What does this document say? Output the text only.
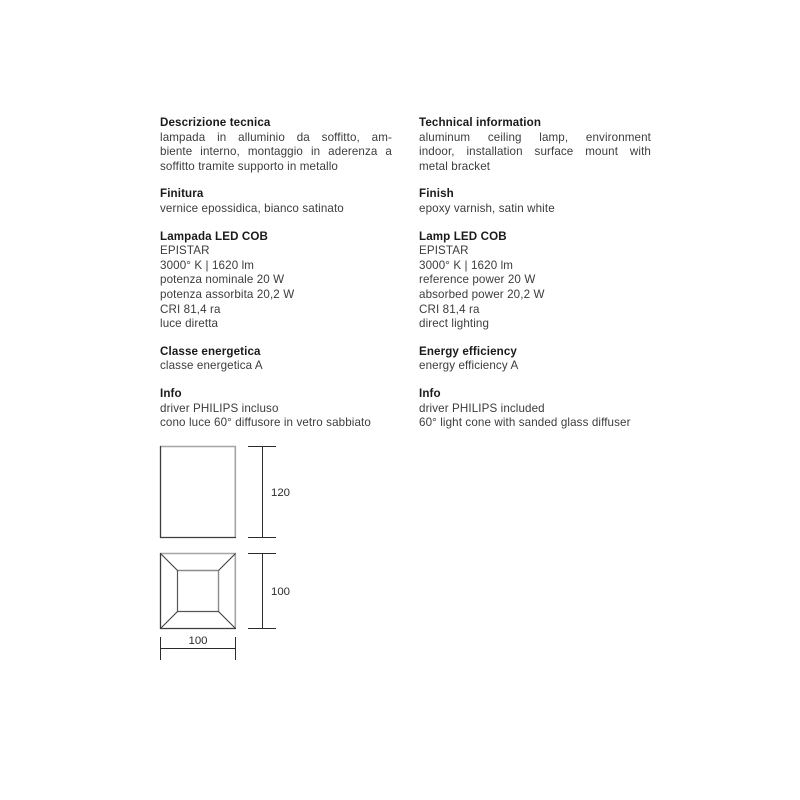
Descrizione tecnica
lampada in alluminio da soffitto, am-
biente interno, montaggio in aderenza a
soffitto tramite supporto in metallo
Finitura
vernice epossidica, bianco satinato
Lampada LED COB
EPISTAR
3000° K | 1620 lm
potenza nominale 20 W
potenza assorbita 20,2 W
CRI 81,4 ra
luce diretta
Classe energetica
classe energetica A
Info
driver PHILIPS incluso
cono luce 60° diffusore in vetro sabbiato
Technical information
aluminum ceiling lamp, environment
indoor, installation surface mount with
metal bracket
Finish
epoxy varnish, satin white
Lamp LED COB
EPISTAR
3000° K | 1620 lm
reference power 20 W
absorbed power 20,2 W
CRI 81,4 ra
direct lighting
Energy efficiency
energy efficiency A
Info
driver PHILIPS included
60° light cone with sanded glass diffuser
120
100
100
